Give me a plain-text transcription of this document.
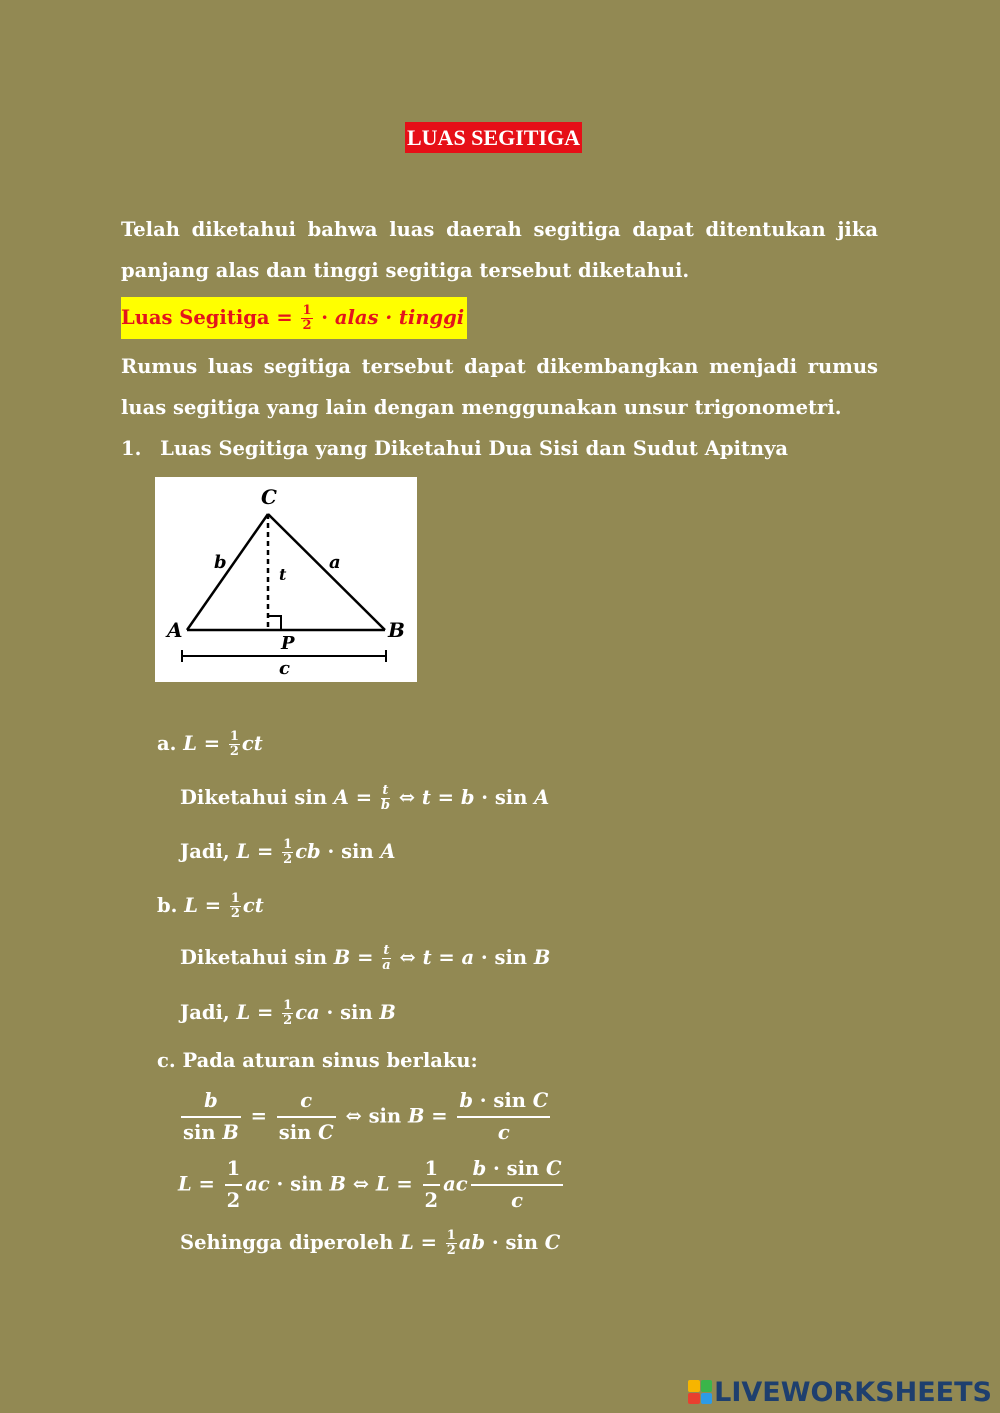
LUAS SEGITIGA
Telah diketahui bahwa luas daerah segitiga dapat ditentukan jika
panjang alas dan tinggi segitiga tersebut diketahui.
Luas Segitiga = $\frac{1}{2}$ · alas · tinggi
Rumus luas segitiga tersebut dapat dikembangkan menjadi rumus
luas segitiga yang lain dengan menggunakan unsur trigonometri.
1. Luas Segitiga yang Diketahui Dua Sisi dan Sudut Apitnya
C
A	B
P
b	a
c
t
a. $L = \frac{1}{2}$ ct
Diketahui $\sin A = \frac{t}{b}$ ⇔ t = b · sin A
Jadi, $L = \frac{1}{2}$ cb · sin A
b. $L = \frac{1}{2}$ ct
Diketahui $\sin B = \frac{t}{a}$ ⇔ t = a · sin B
Jadi, $L = \frac{1}{2}$ ca · sin B
c. Pada aturan sinus berlaku:
$\frac{b}{\text{sin B}} = \frac{c}{\text{sin C}}$ ⇔ $\sin B = \frac{\text{b · sin C}}{c}$
$L = \frac{1}{2}$ ac · sin B ⇔ $L = \frac{1}{2}$ ac $\frac{\text{b · sin C}}{c}$
Sehingga diperoleh $L = \frac{1}{2}$ ab · sin C
LIVEWORKSHEETS
